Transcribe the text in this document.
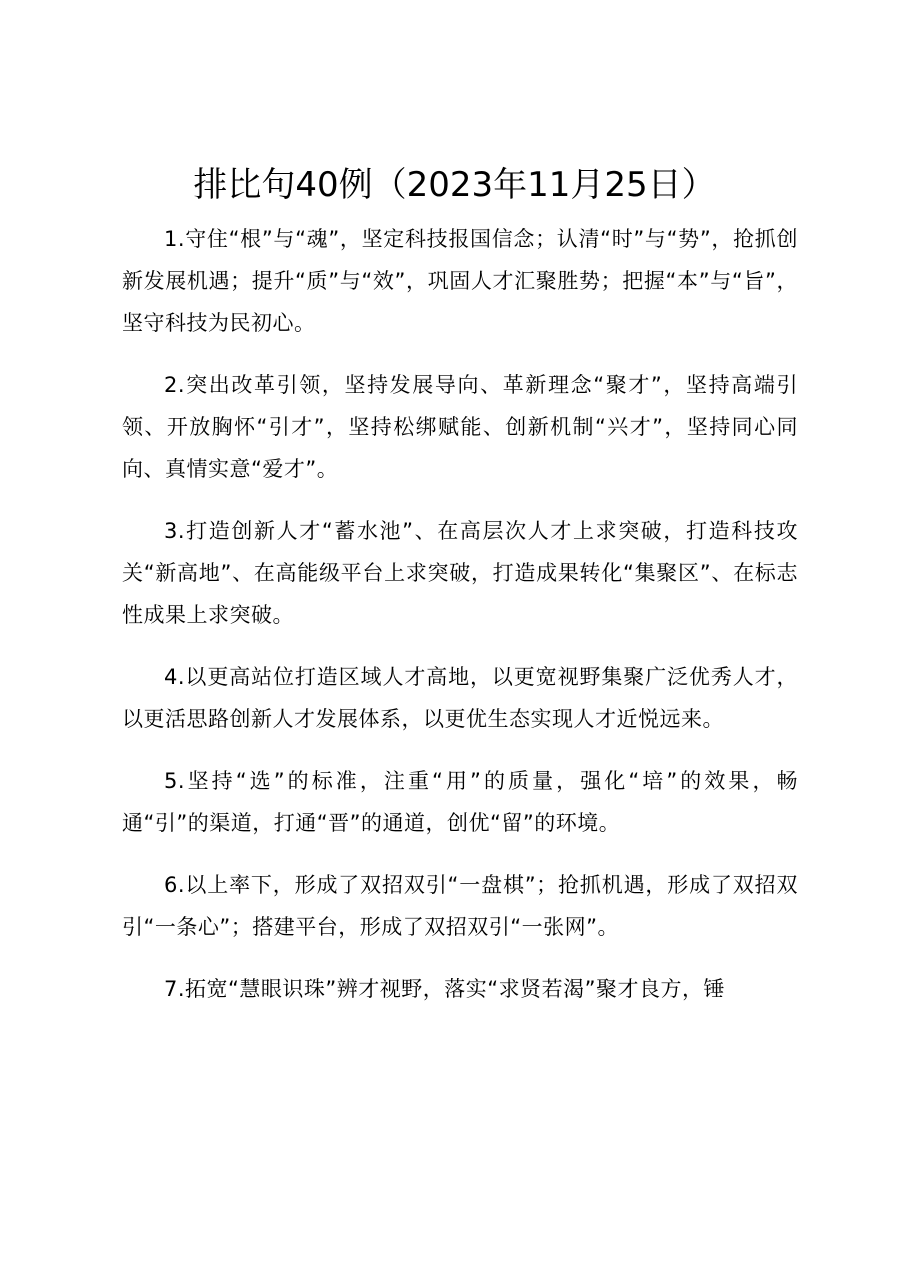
排比句40例（2023年11月25日）

1.守住“根”与“魂”，坚定科技报国信念；认清“时”与“势”，抢抓创新发展机遇；提升“质”与“效”，巩固人才汇聚胜势；把握“本”与“旨”，坚守科技为民初心。

2.突出改革引领，坚持发展导向、革新理念“聚才”，坚持高端引领、开放胸怀“引才”，坚持松绑赋能、创新机制“兴才”，坚持同心同向、真情实意“爱才”。

3.打造创新人才“蓄水池”、在高层次人才上求突破，打造科技攻关“新高地”、在高能级平台上求突破，打造成果转化“集聚区”、在标志性成果上求突破。

4.以更高站位打造区域人才高地，以更宽视野集聚广泛优秀人才，以更活思路创新人才发展体系，以更优生态实现人才近悦远来。

5.坚持“选”的标准，注重“用”的质量，强化“培”的效果，畅通“引”的渠道，打通“晋”的通道，创优“留”的环境。

6.以上率下，形成了双招双引“一盘棋”；抢抓机遇，形成了双招双引“一条心”；搭建平台，形成了双招双引“一张网”。

7.拓宽“慧眼识珠”辨才视野，落实“求贤若渴”聚才良方，锤
